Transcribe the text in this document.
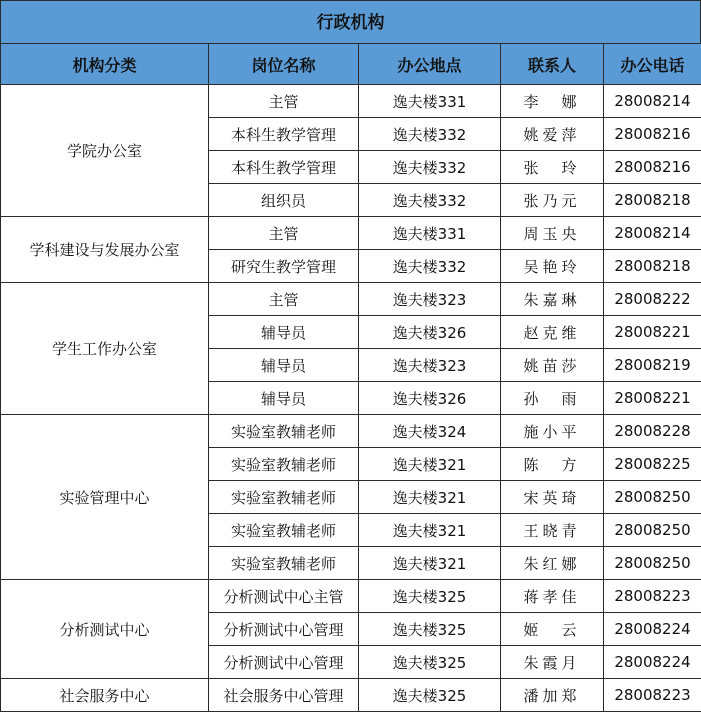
行政机构
机构分类	岗位名称	办公地点	联系人	办公电话
学院办公室	主管	逸夫楼331	李　娜	28008214
	本科生教学管理	逸夫楼332	姚爱萍	28008216
	本科生教学管理	逸夫楼332	张　玲	28008216
	组织员	逸夫楼332	张乃元	28008218
学科建设与发展办公室	主管	逸夫楼331	周玉央	28008214
	研究生教学管理	逸夫楼332	吴艳玲	28008218
学生工作办公室	主管	逸夫楼323	朱嘉琳	28008222
	辅导员	逸夫楼326	赵克维	28008221
	辅导员	逸夫楼323	姚苗莎	28008219
	辅导员	逸夫楼326	孙　雨	28008221
实验管理中心	实验室教辅老师	逸夫楼324	施小平	28008228
	实验室教辅老师	逸夫楼321	陈　方	28008225
	实验室教辅老师	逸夫楼321	宋英琦	28008250
	实验室教辅老师	逸夫楼321	王晓青	28008250
	实验室教辅老师	逸夫楼321	朱红娜	28008250
分析测试中心	分析测试中心主管	逸夫楼325	蒋孝佳	28008223
	分析测试中心管理	逸夫楼325	姬　云	28008224
	分析测试中心管理	逸夫楼325	朱霞月	28008224
社会服务中心	社会服务中心管理	逸夫楼325	潘加郑	28008223
